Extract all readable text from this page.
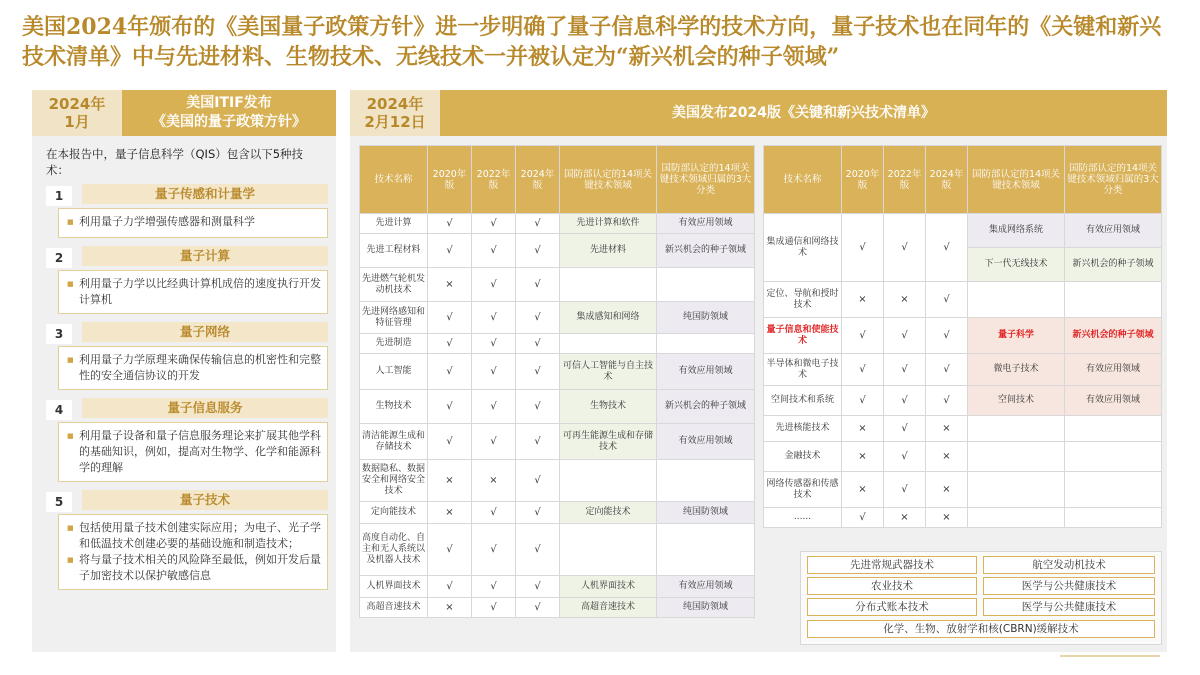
美国2024年颁布的《美国量子政策方针》进一步明确了量子信息科学的技术方向，量子技术也在同年的《关键和新兴技术清单》中与先进材料、生物技术、无线技术一并被认定为“新兴机会的种子领域”
2024年
1月
美国ITIF发布
《美国的量子政策方针》
在本报告中，量子信息科学（QIS）包含以下5种技术：
1	量子传感和计量学
■ 利用量子力学增强传感器和测量科学
2	量子计算
■ 利用量子力学以比经典计算机成倍的速度执行开发计算机
3	量子网络
■ 利用量子力学原理来确保传输信息的机密性和完整性的安全通信协议的开发
4	量子信息服务
■ 利用量子设备和量子信息服务理论来扩展其他学科的基础知识，例如，提高对生物学、化学和能源科学的理解
5	量子技术
■ 包括使用量子技术创建实际应用；为电子、光子学和低温技术创建必要的基础设施和制造技术；
■ 将与量子技术相关的风险降至最低，例如开发后量子加密技术以保护敏感信息
2024年
2月12日	美国发布2024版《关键和新兴技术清单》
技术名称	2020年版	2022年版	2024年版	国防部认定的14项关键技术领域	国防部认定的14项关键技术领域归属的3大分类
先进计算	√	√	√	先进计算和软件	有效应用领域
先进工程材料	√	√	√	先进材料	新兴机会的种子领域
先进燃气轮机发动机技术	×	√	√		
先进网络感知和特征管理	√	√	√	集成感知和网络	纯国防领域
先进制造	√	√	√		
人工智能	√	√	√	可信人工智能与自主技术	有效应用领域
生物技术	√	√	√	生物技术	新兴机会的种子领域
清洁能源生成和存储技术	√	√	√	可再生能源生成和存储技术	有效应用领域
数据隐私、数据安全和网络安全技术	×	×	√		
定向能技术	×	√	√	定向能技术	纯国防领域
高度自动化、自主和无人系统以及机器人技术	√	√	√		
人机界面技术	√	√	√	人机界面技术	有效应用领域
高超音速技术	×	√	√	高超音速技术	纯国防领域
技术名称	2020年版	2022年版	2024年版	国防部认定的14项关键技术领域	国防部认定的14项关键技术领域归属的3大分类
集成通信和网络技术	√	√	√	集成网络系统	有效应用领域
				下一代无线技术	新兴机会的种子领域
定位、导航和授时技术	×	×	√		
量子信息和使能技术	√	√	√	量子科学	新兴机会的种子领域
半导体和微电子技术	√	√	√	微电子技术	有效应用领域
空间技术和系统	√	√	√	空间技术	有效应用领域
先进核能技术	×	√	×		
金融技术	×	√	×		
网络传感器和传感技术	×	√	×		
......	√	×	×		
先进常规武器技术	航空发动机技术
农业技术	医学与公共健康技术
分布式账本技术	医学与公共健康技术
化学、生物、放射学和核(CBRN)缓解技术
